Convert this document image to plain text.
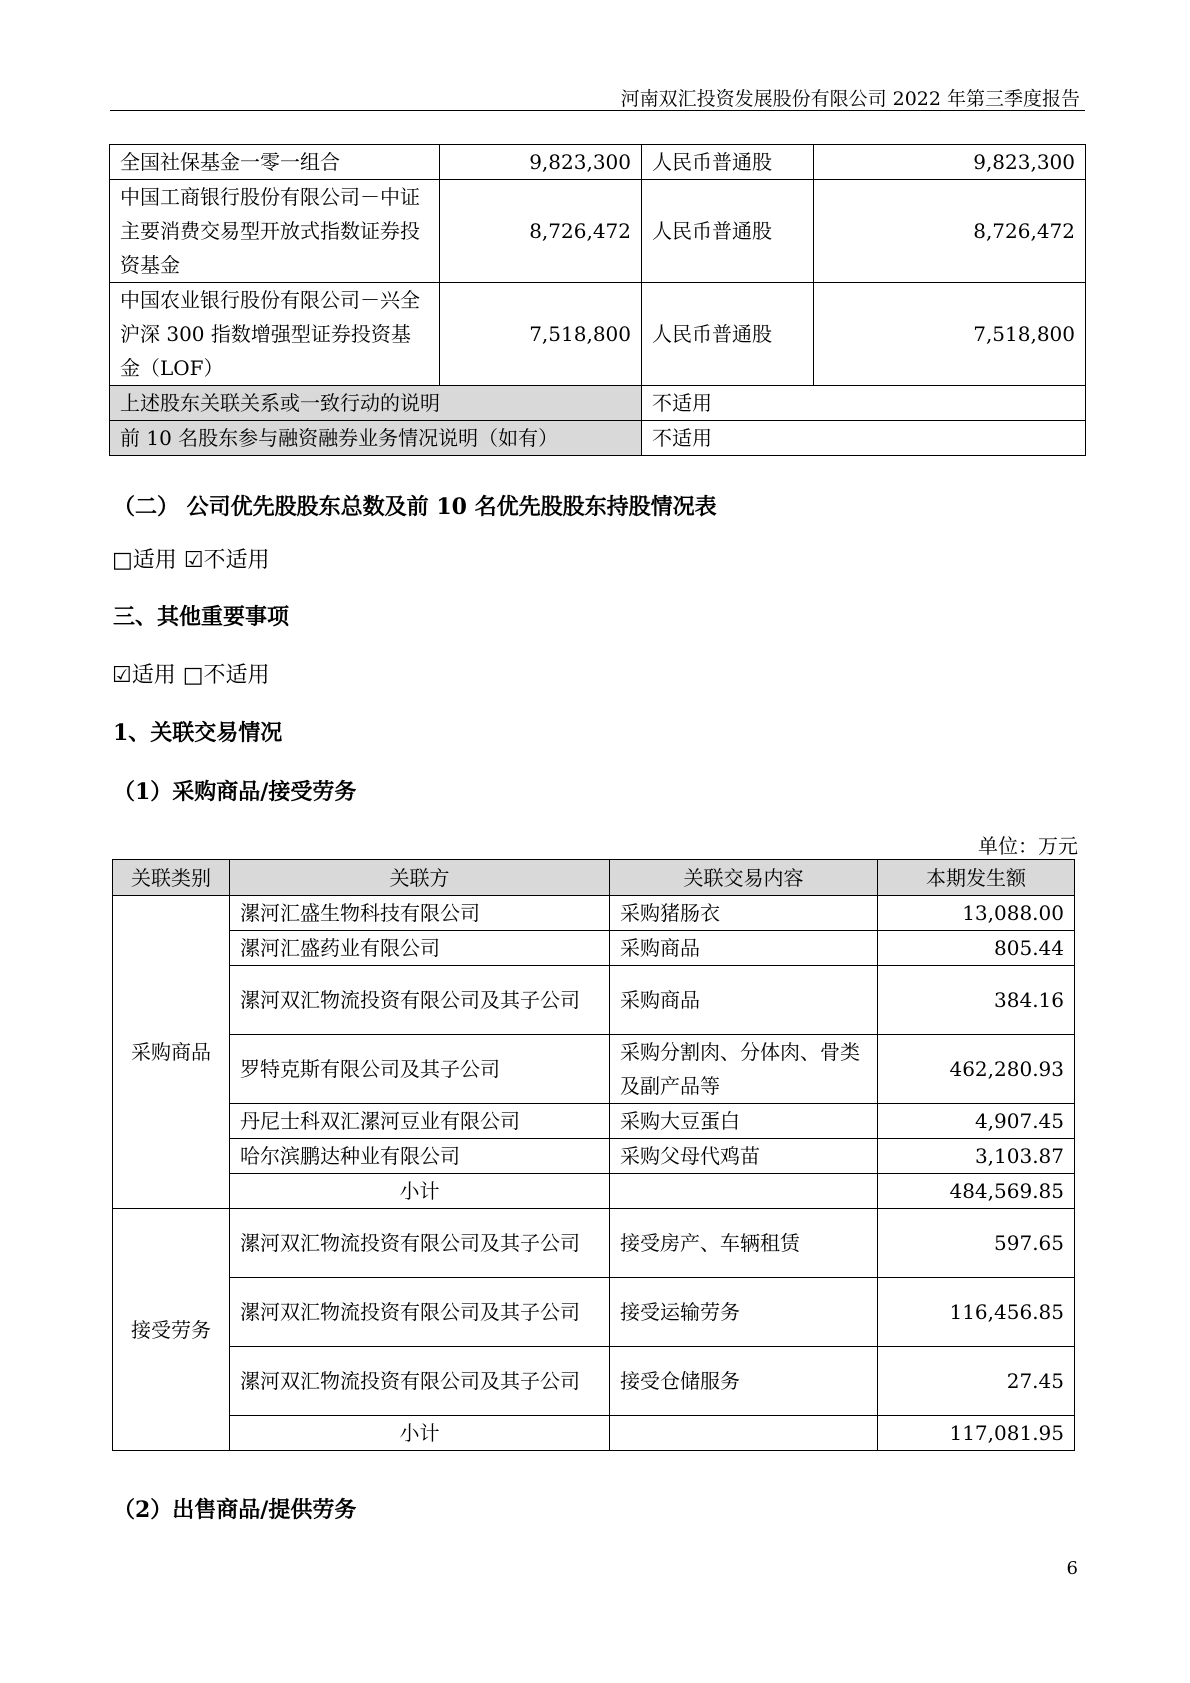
河南双汇投资发展股份有限公司 2022 年第三季度报告
全国社保基金一零一组合	9,823,300	人民币普通股	9,823,300
中国工商银行股份有限公司－中证主要消费交易型开放式指数证券投资基金	8,726,472	人民币普通股	8,726,472
中国农业银行股份有限公司－兴全沪深 300 指数增强型证券投资基金（LOF）	7,518,800	人民币普通股	7,518,800
上述股东关联关系或一致行动的说明		不适用	
前 10 名股东参与融资融券业务情况说明（如有）		不适用	
（二） 公司优先股股东总数及前 10 名优先股股东持股情况表
□适用 ☑不适用
三、其他重要事项
☑适用 □不适用
1、关联交易情况
（1）采购商品/接受劳务
单位：万元
关联类别	关联方	关联交易内容	本期发生额
采购商品	漯河汇盛生物科技有限公司	采购猪肠衣	13,088.00
	漯河汇盛药业有限公司	采购商品	805.44
	漯河双汇物流投资有限公司及其子公司	采购商品	384.16
	罗特克斯有限公司及其子公司	采购分割肉、分体肉、骨类及副产品等	462,280.93
	丹尼士科双汇漯河豆业有限公司	采购大豆蛋白	4,907.45
	哈尔滨鹏达种业有限公司	采购父母代鸡苗	3,103.87
	小计		484,569.85
接受劳务	漯河双汇物流投资有限公司及其子公司	接受房产、车辆租赁	597.65
	漯河双汇物流投资有限公司及其子公司	接受运输劳务	116,456.85
	漯河双汇物流投资有限公司及其子公司	接受仓储服务	27.45
	小计		117,081.95
（2）出售商品/提供劳务
6
